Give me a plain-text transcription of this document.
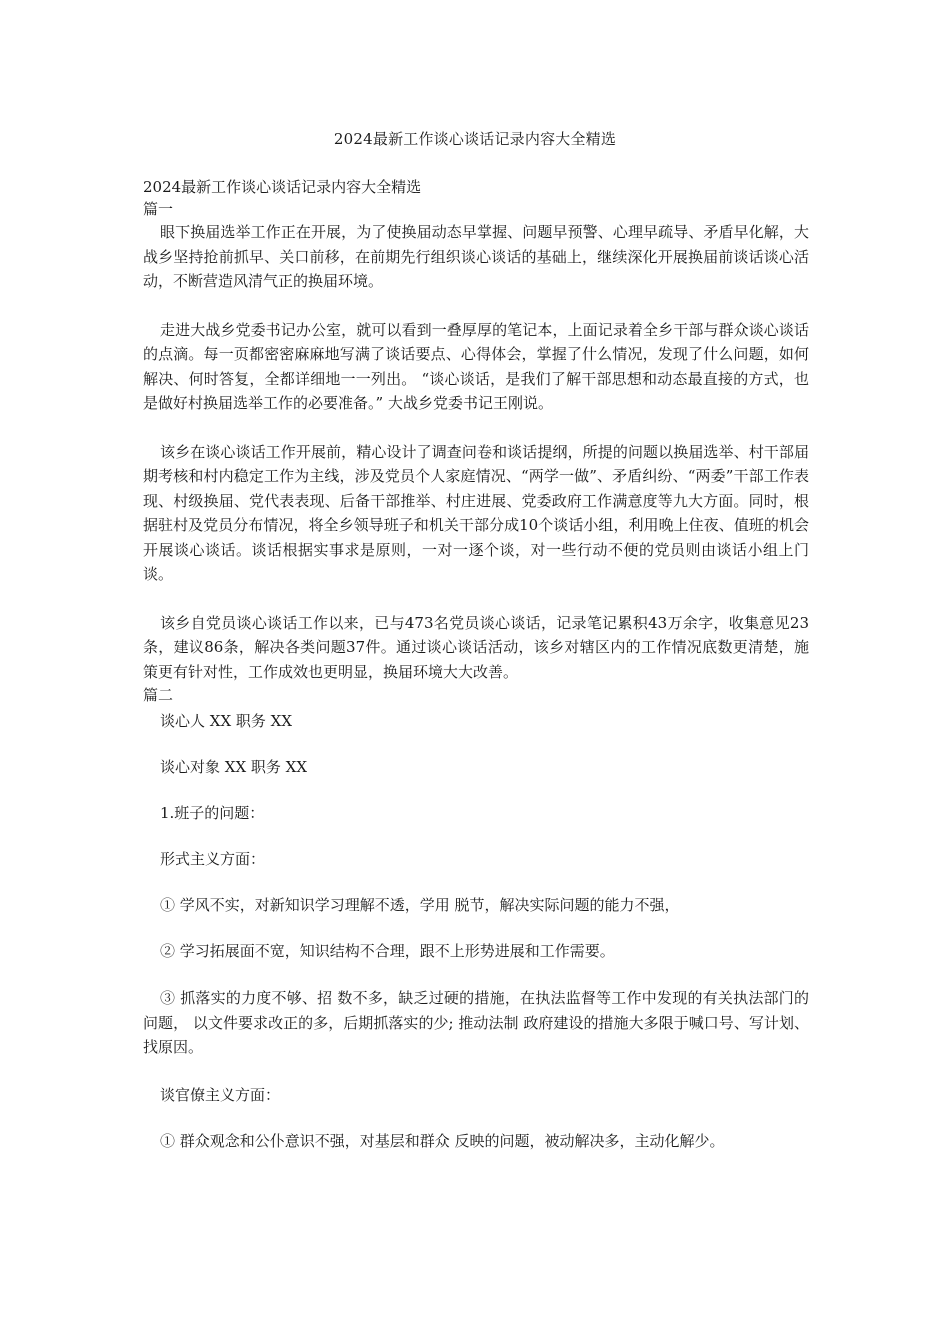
2024最新工作谈心谈话记录内容大全精选

2024最新工作谈心谈话记录内容大全精选

篇一

眼下换届选举工作正在开展，为了使换届动态早掌握、问题早预警、心理早疏导、矛盾早化解，大战乡坚持抢前抓早、关口前移，在前期先行组织谈心谈话的基础上，继续深化开展换届前谈话谈心活动，不断营造风清气正的换届环境。

走进大战乡党委书记办公室，就可以看到一叠厚厚的笔记本，上面记录着全乡干部与群众谈心谈话的点滴。每一页都密密麻麻地写满了谈话要点、心得体会，掌握了什么情况，发现了什么问题，如何解决、何时答复，全都详细地一一列出。 “谈心谈话，是我们了解干部思想和动态最直接的方式，也是做好村换届选举工作的必要准备。” 大战乡党委书记王刚说。

该乡在谈心谈话工作开展前，精心设计了调查问卷和谈话提纲，所提的问题以换届选举、村干部届期考核和村内稳定工作为主线，涉及党员个人家庭情况、“两学一做”、矛盾纠纷、“两委”干部工作表现、村级换届、党代表表现、后备干部推举、村庄进展、党委政府工作满意度等九大方面。同时，根据驻村及党员分布情况，将全乡领导班子和机关干部分成10个谈话小组，利用晚上住夜、值班的机会开展谈心谈话。谈话根据实事求是原则，一对一逐个谈，对一些行动不便的党员则由谈话小组上门谈。

该乡自党员谈心谈话工作以来，已与473名党员谈心谈话，记录笔记累积43万余字，收集意见23条，建议86条，解决各类问题37件。通过谈心谈话活动，该乡对辖区内的工作情况底数更清楚，施策更有针对性，工作成效也更明显，换届环境大大改善。

篇二

谈心人 XX 职务 XX

谈心对象 XX 职务 XX

1.班子的问题：

形式主义方面：

① 学风不实，对新知识学习理解不透，学用 脱节，解决实际问题的能力不强，

② 学习拓展面不宽，知识结构不合理，跟不上形势进展和工作需要。

③ 抓落实的力度不够、招 数不多，缺乏过硬的措施，在执法监督等工作中发现的有关执法部门的问题， 以文件要求改正的多，后期抓落实的少; 推动法制 政府建设的措施大多限于喊口号、写计划、找原因。

谈官僚主义方面：

① 群众观念和公仆意识不强，对基层和群众 反映的问题，被动解决多，主动化解少。
